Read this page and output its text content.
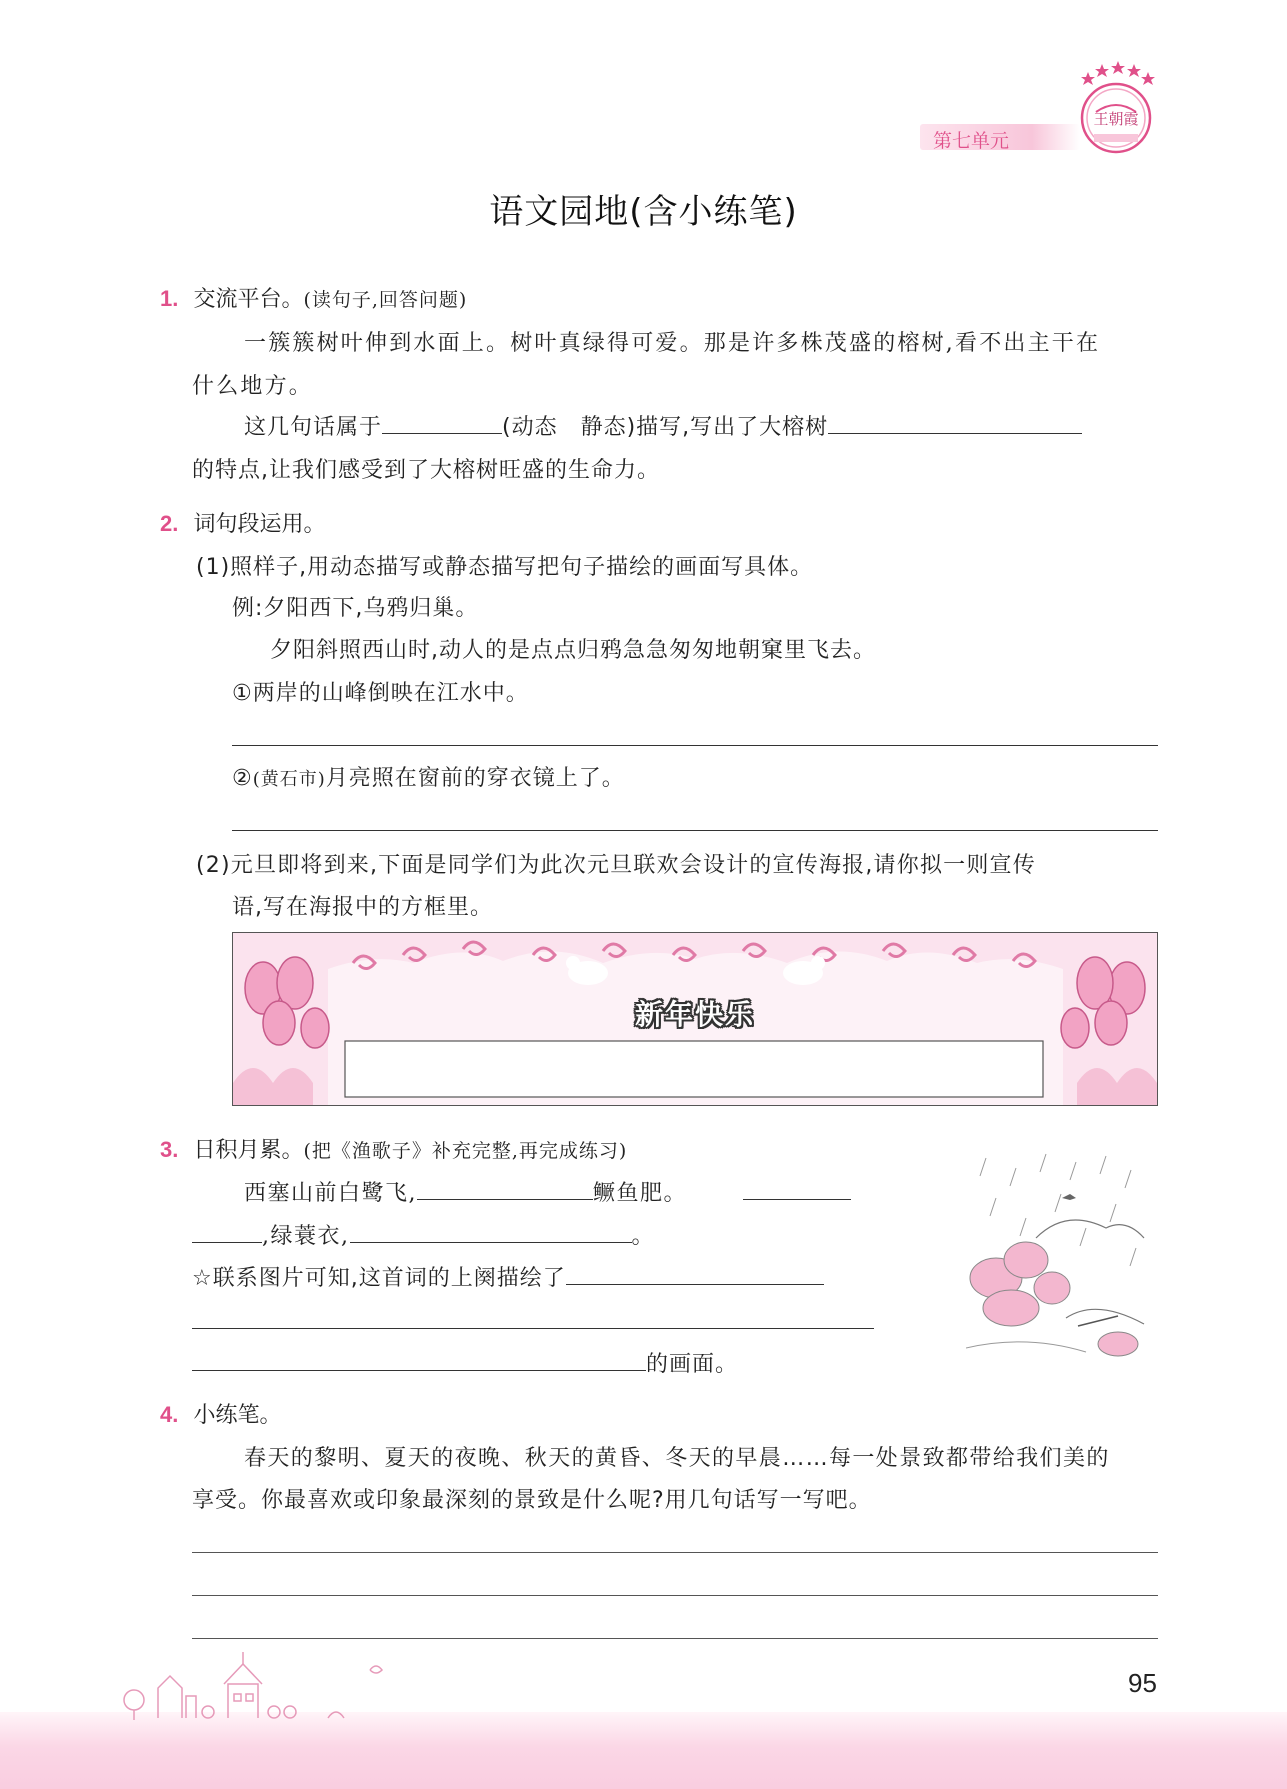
第七单元
王朝霞
语文园地(含小练笔)
1. 交流平台。(读句子,回答问题)
一簇簇树叶伸到水面上。树叶真绿得可爱。那是许多株茂盛的榕树,看不出主干在
什么地方。
这几句话属于	(动态　静态)描写,写出了大榕树
的特点,让我们感受到了大榕树旺盛的生命力。
2. 词句段运用。
(1)照样子,用动态描写或静态描写把句子描绘的画面写具体。
例:夕阳西下,乌鸦归巢。
夕阳斜照西山时,动人的是点点归鸦急急匆匆地朝窠里飞去。
①两岸的山峰倒映在江水中。
②(黄石市)月亮照在窗前的穿衣镜上了。
(2)元旦即将到来,下面是同学们为此次元旦联欢会设计的宣传海报,请你拟一则宣传
语,写在海报中的方框里。
新年快乐
3. 日积月累。(把《渔歌子》补充完整,再完成练习)
西塞山前白鹭飞,	鳜鱼肥。
,绿蓑衣,	。
☆联系图片可知,这首词的上阕描绘了
的画面。
4. 小练笔。
春天的黎明、夏天的夜晚、秋天的黄昏、冬天的早晨……每一处景致都带给我们美的
享受。你最喜欢或印象最深刻的景致是什么呢?用几句话写一写吧。
95
